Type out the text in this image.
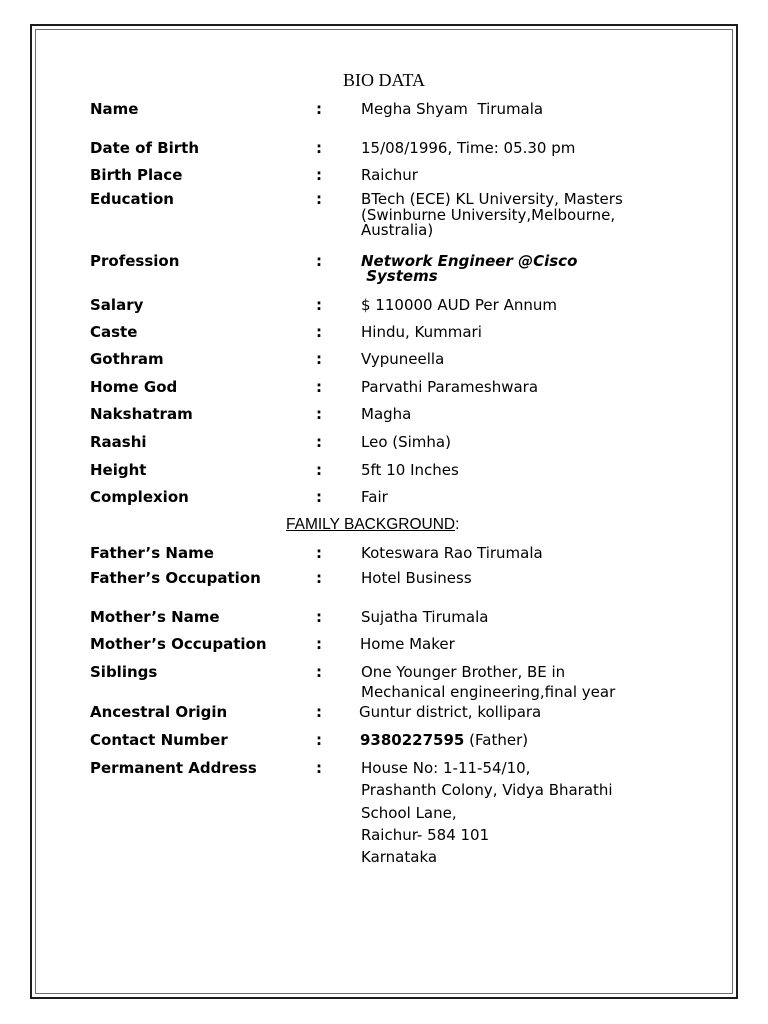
BIO DATA
Name	:	Megha Shyam  Tirumala
Date of Birth	:	15/08/1996, Time: 05.30 pm
Birth Place	:	Raichur
Education	:	BTech (ECE) KL University, Masters
(Swinburne University,Melbourne,
Australia)
Profession	:	Network Engineer @Cisco
Systems
Salary	:	$ 110000 AUD Per Annum
Caste	:	Hindu, Kummari
Gothram	:	Vypuneella
Home God	:	Parvathi Parameshwara
Nakshatram	:	Magha
Raashi	:	Leo (Simha)
Height	:	5ft 10 Inches
Complexion	:	Fair
FAMILY BACKGROUND:
Father’s Name	:	Koteswara Rao Tirumala
Father’s Occupation	:	Hotel Business
Mother’s Name	:	Sujatha Tirumala
Mother’s Occupation	:	Home Maker
Siblings	:	One Younger Brother, BE in
Mechanical engineering,final year
Ancestral Origin	: Guntur district, kollipara
Contact Number	:	9380227595 (Father)
Permanent Address	:	House No: 1-11-54/10,
Prashanth Colony, Vidya Bharathi
School Lane,
Raichur- 584 101
Karnataka
